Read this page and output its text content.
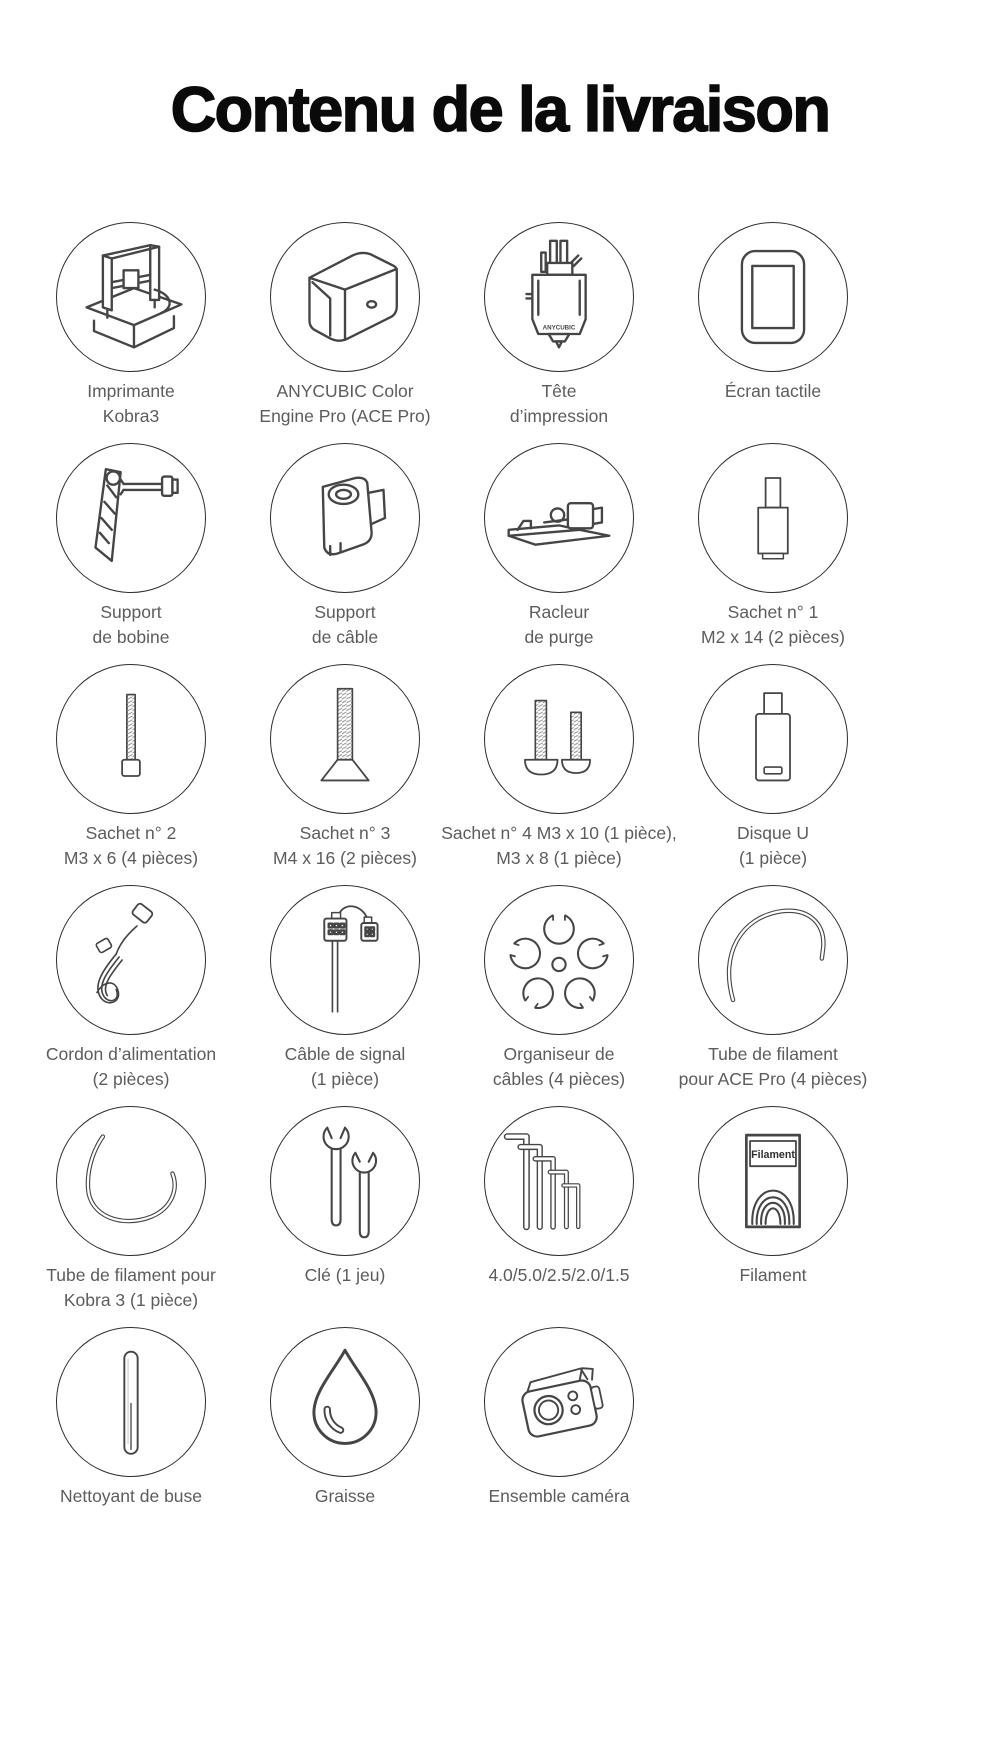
Contenu de la livraison
Imprimante
Kobra3
ANYCUBIC Color
Engine Pro (ACE Pro)
ANYCUBIC
Tête
d’impression
Écran tactile
Support
de bobine
Support
de câble
Racleur
de purge
Sachet n° 1
M2 x 14 (2 pièces)
Sachet n° 2
M3 x 6 (4 pièces)
Sachet n° 3
M4 x 16 (2 pièces)
Sachet n° 4 M3 x 10 (1 pièce),
M3 x 8 (1 pièce)
Disque U
(1 pièce)
Cordon d’alimentation
(2 pièces)
Câble de signal
(1 pièce)
Organiseur de
câbles (4 pièces)
Tube de filament
pour ACE Pro (4 pièces)
Tube de filament pour
Kobra 3 (1 pièce)
Clé (1 jeu)	4.0/5.0/2.5/2.0/1.5
Filament
Filament
Nettoyant de buse	Graisse	Ensemble caméra
